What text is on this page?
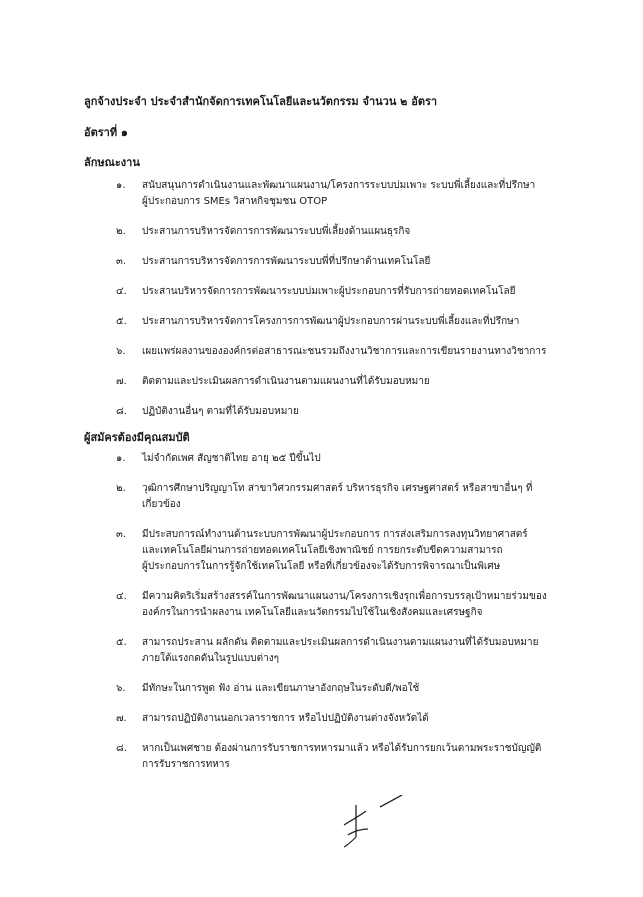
ลูกจ้างประจำ ประจำสำนักจัดการเทคโนโลยีและนวัตกรรม จำนวน ๒ อัตรา
อัตราที่ ๑
ลักษณะงาน
๑.	สนับสนุนการดำเนินงานและพัฒนาแผนงาน/โครงการระบบบ่มเพาะ ระบบพี่เลี้ยงและที่ปรึกษา
ผู้ประกอบการ SMEs วิสาหกิจชุมชน OTOP
๒.	ประสานการบริหารจัดการการพัฒนาระบบพี่เลี้ยงด้านแผนธุรกิจ
๓.	ประสานการบริหารจัดการการพัฒนาระบบพี่ที่ปรึกษาด้านเทคโนโลยี
๔.	ประสานบริหารจัดการการพัฒนาระบบบ่มเพาะผู้ประกอบการที่รับการถ่ายทอดเทคโนโลยี
๕.	ประสานการบริหารจัดการโครงการการพัฒนาผู้ประกอบการผ่านระบบพี่เลี้ยงและที่ปรึกษา
๖.	เผยแพร่ผลงานขององค์กรต่อสาธารณะชนรวมถึงงานวิชาการและการเขียนรายงานทางวิชาการ
๗.	ติดตามและประเมินผลการดำเนินงานตามแผนงานที่ได้รับมอบหมาย
๘.	ปฏิบัติงานอื่นๆ ตามที่ได้รับมอบหมาย
ผู้สมัครต้องมีคุณสมบัติ
๑.	ไม่จำกัดเพศ สัญชาติไทย อายุ ๒๕ ปีขึ้นไป
๒.	วุฒิการศึกษาปริญญาโท สาขาวิศวกรรมศาสตร์ บริหารธุรกิจ เศรษฐศาสตร์ หรือสาขาอื่นๆ ที่
เกี่ยวข้อง
๓.	มีประสบการณ์ทำงานด้านระบบการพัฒนาผู้ประกอบการ การส่งเสริมการลงทุนวิทยาศาสตร์
และเทคโนโลยีผ่านการถ่ายทอดเทคโนโลยีเชิงพาณิชย์ การยกระดับขีดความสามารถ
ผู้ประกอบการในการรู้จักใช้เทคโนโลยี หรือที่เกี่ยวข้องจะได้รับการพิจารณาเป็นพิเศษ
๔.	มีความคิดริเริ่มสร้างสรรค์ในการพัฒนาแผนงาน/โครงการเชิงรุกเพื่อการบรรลุเป้าหมายร่วมของ
องค์กรในการนำผลงาน เทคโนโลยีและนวัตกรรมไปใช้ในเชิงสังคมและเศรษฐกิจ
๕.	สามารถประสาน ผลักดัน ติดตามและประเมินผลการดำเนินงานตามแผนงานที่ได้รับมอบหมาย
ภายใต้แรงกดดันในรูปแบบต่างๆ
๖.	มีทักษะในการพูด ฟัง อ่าน และเขียนภาษาอังกฤษในระดับดี/พอใช้
๗.	สามารถปฏิบัติงานนอกเวลาราชการ หรือไปปฏิบัติงานต่างจังหวัดได้
๘.	หากเป็นเพศชาย ต้องผ่านการรับราชการทหารมาแล้ว หรือได้รับการยกเว้นตามพระราชบัญญัติ
การรับราชการทหาร
